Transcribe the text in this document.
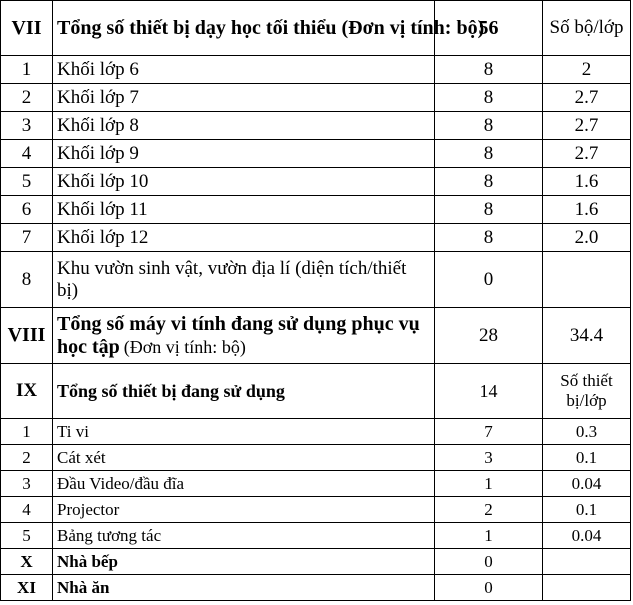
VII	Tổng số thiết bị dạy học tối thiểu (Đơn vị tính: bộ)	56	Số bộ/lớp
1	Khối lớp 6	8	2
2	Khối lớp 7	8	2.7
3	Khối lớp 8	8	2.7
4	Khối lớp 9	8	2.7
5	Khối lớp 10	8	1.6
6	Khối lớp 11	8	1.6
7	Khối lớp 12	8	2.0
8	Khu vườn sinh vật, vườn địa lí (diện tích/thiết bị)	0	
VIII	Tổng số máy vi tính đang sử dụng phục vụ học tập (Đơn vị tính: bộ)	28	34.4
IX	Tổng số thiết bị đang sử dụng	14	Số thiết bị/lớp
1	Ti vi	7	0.3
2	Cát xét	3	0.1
3	Đầu Video/đầu đĩa	1	0.04
4	Projector	2	0.1
5	Bảng tương tác	1	0.04
X	Nhà bếp	0	
XI	Nhà ăn	0	
